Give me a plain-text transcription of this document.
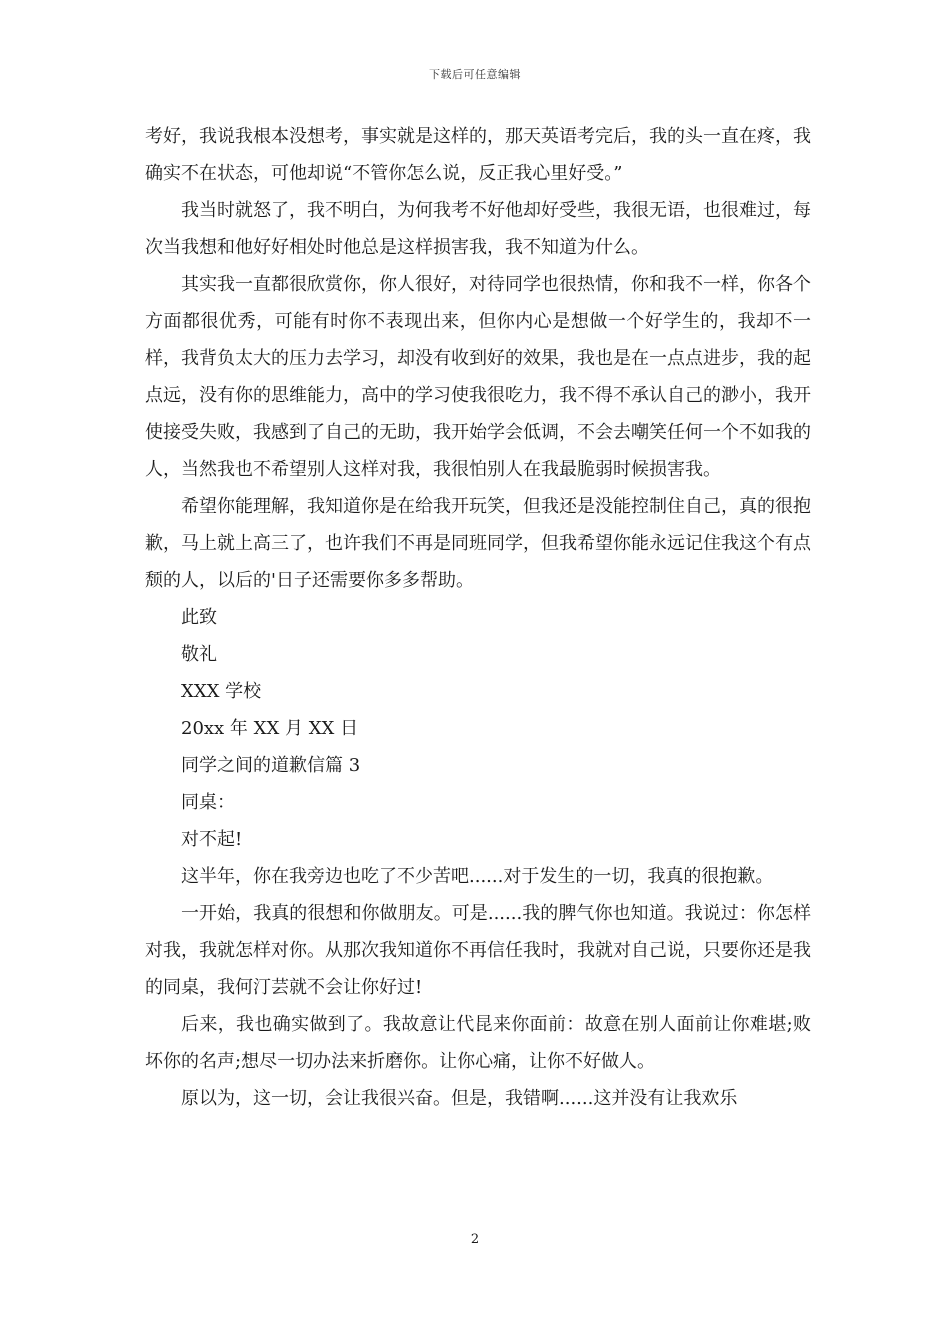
下载后可任意编辑

考好，我说我根本没想考，事实就是这样的，那天英语考完后，我的头一直在疼，我确实不在状态，可他却说“不管你怎么说，反正我心里好受。”

我当时就怒了，我不明白，为何我考不好他却好受些，我很无语，也很难过，每次当我想和他好好相处时他总是这样损害我，我不知道为什么。

其实我一直都很欣赏你，你人很好，对待同学也很热情，你和我不一样，你各个方面都很优秀，可能有时你不表现出来，但你内心是想做一个好学生的，我却不一样，我背负太大的压力去学习，却没有收到好的效果，我也是在一点点进步，我的起点远，没有你的思维能力，高中的学习使我很吃力，我不得不承认自己的渺小，我开使接受失败，我感到了自己的无助，我开始学会低调，不会去嘲笑任何一个不如我的人，当然我也不希望别人这样对我，我很怕别人在我最脆弱时候损害我。

希望你能理解，我知道你是在给我开玩笑，但我还是没能控制住自己，真的很抱歉，马上就上高三了，也许我们不再是同班同学，但我希望你能永远记住我这个有点颓的人，以后的'日子还需要你多多帮助。

此致

敬礼

XXX 学校

20xx 年 XX 月 XX 日

同学之间的道歉信篇 3

同桌：

对不起!

这半年，你在我旁边也吃了不少苦吧......对于发生的一切，我真的很抱歉。

一开始，我真的很想和你做朋友。可是......我的脾气你也知道。我说过：你怎样对我，我就怎样对你。从那次我知道你不再信任我时，我就对自己说，只要你还是我的同桌，我何汀芸就不会让你好过!

后来，我也确实做到了。我故意让代昆来你面前：故意在别人面前让你难堪;败坏你的名声;想尽一切办法来折磨你。让你心痛，让你不好做人。

原以为，这一切，会让我很兴奋。但是，我错啊......这并没有让我欢乐

2
